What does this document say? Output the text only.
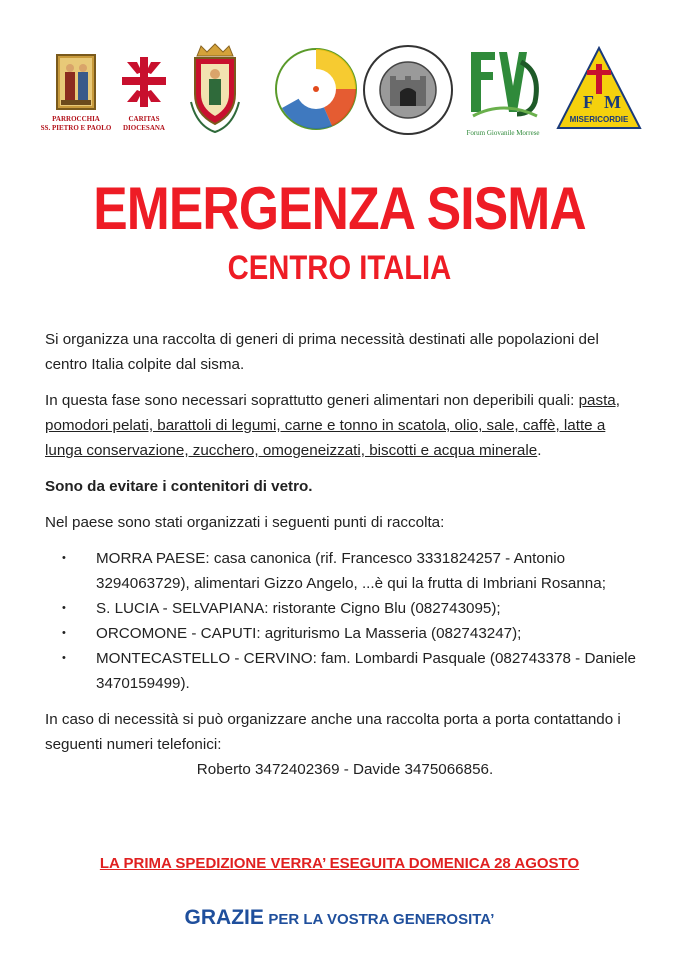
PARROCCHIA
SS. PIETRO E PAOLO
CARITAS
DIOCESANA
Forum Giovanile Morrese
F M
MISERICORDIE
EMERGENZA SISMA
CENTRO ITALIA

Si organizza una raccolta di generi di prima necessità destinati alle popolazioni del centro Italia colpite dal sisma.

In questa fase sono necessari soprattutto generi alimentari non deperibili quali: pasta, pomodori pelati, barattoli di legumi, carne e tonno in scatola, olio, sale, caffè, latte a lunga conservazione, zucchero, omogeneizzati, biscotti e acqua minerale.

Sono da evitare i contenitori di vetro.

Nel paese sono stati organizzati i seguenti punti di raccolta:

• MORRA PAESE: casa canonica (rif. Francesco 3331824257 - Antonio 3294063729), alimentari Gizzo Angelo, ...è qui la frutta di Imbriani Rosanna;
• S. LUCIA - SELVAPIANA: ristorante Cigno Blu (082743095);
• ORCOMONE - CAPUTI: agriturismo La Masseria (082743247);
• MONTECASTELLO - CERVINO: fam. Lombardi Pasquale (082743378 - Daniele 3470159499).

In caso di necessità si può organizzare anche una raccolta porta a porta contattando i seguenti numeri telefonici:

Roberto 3472402369 - Davide 3475066856.

LA PRIMA SPEDIZIONE VERRA’ ESEGUITA DOMENICA 28 AGOSTO
GRAZIE PER LA VOSTRA GENEROSITA’
